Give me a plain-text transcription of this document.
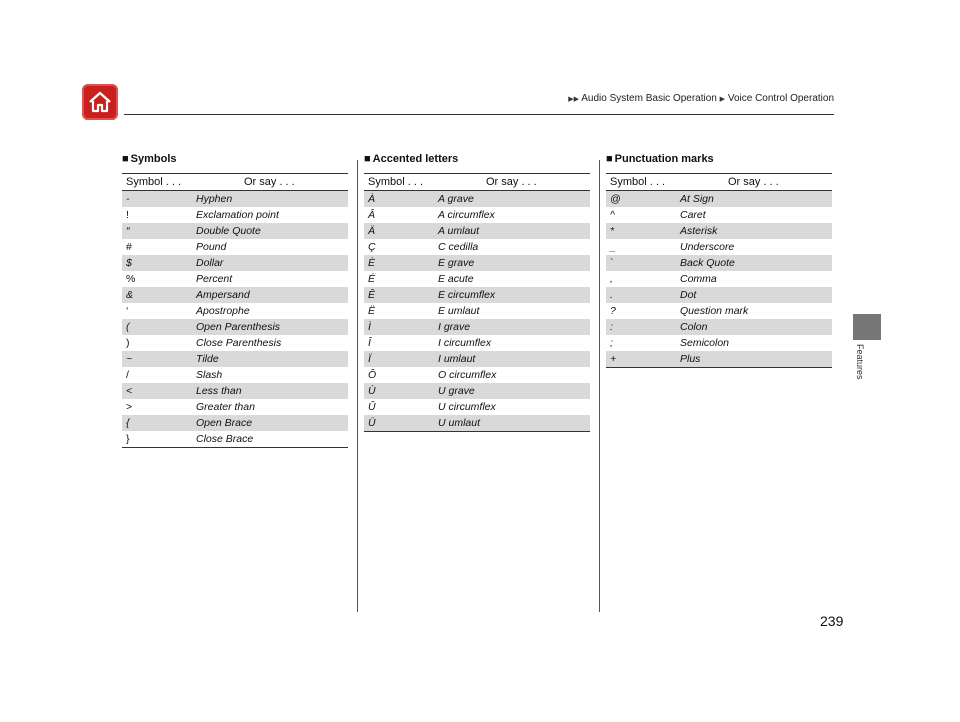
▶▶ Audio System Basic Operation ▶ Voice Control Operation
Features
■ Symbols
Symbol . . .	Or say . . .
-	Hyphen
!	Exclamation point
“	Double Quote
#	Pound
$	Dollar
%	Percent
&	Ampersand
‘	Apostrophe
(	Open Parenthesis
)	Close Parenthesis
~	Tilde
/	Slash
<	Less than
>	Greater than
{	Open Brace
}	Close Brace
■ Accented letters
Symbol . . .	Or say . . .
À	A grave
Â	A circumflex
Ä	A umlaut
Ç	C cedilla
È	E grave
É	E acute
Ê	E circumflex
Ë	E umlaut
Ì	I grave
Î	I circumflex
Ï	I umlaut
Ô	O circumflex
Ù	U grave
Û	U circumflex
Ü	U umlaut
■ Punctuation marks
Symbol . . .	Or say . . .
@	At Sign
^	Caret
*	Asterisk
_	Underscore
`	Back Quote
,	Comma
.	Dot
?	Question mark
:	Colon
;	Semicolon
+	Plus
239
